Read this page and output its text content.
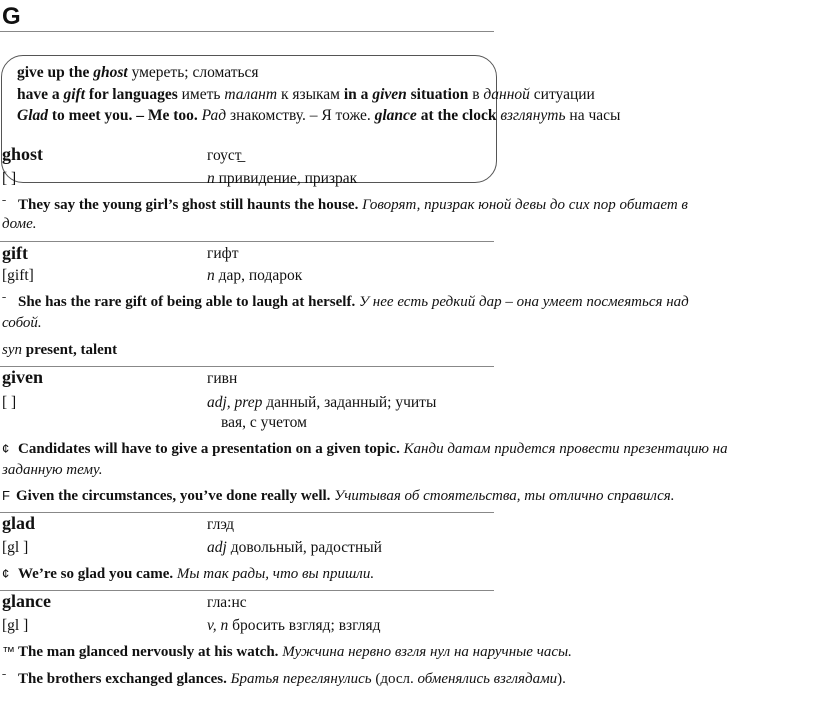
G
give up the ghost умереть; сломаться
have a gift for languages иметь талант к языкам in a given situation в данной ситуации
Glad to meet you. – Me too. Рад знакомству. – Я тоже. glance at the clock взглянуть на часы
ghost	гоуст
[ ]	n привидение, призрак
ˉ They say the young girl’s ghost still haunts the house. Говорят, призрак юной девы до сих пор обитает в
доме.
gift	гифт
[gift]	n дар, подарок
ˉ She has the rare gift of being able to laugh at herself. У нее есть редкий дар – она умеет посмеяться над
собой.
syn present, talent
given	гивн
[ ]	adj, prep данный, заданный; учиты
вая, с учетом
¢ Candidates will have to give a presentation on a given topic. Канди датам придется провести презентацию на
заданную тему.
F Given the circumstances, you’ve done really well. Учитывая об стоятельства, ты отлично справился.
glad	глэд
[gl ]	adj довольный, радостный
¢ We’re so glad you came. Мы так рады, что вы пришли.
glance	гла:нс
[gl ]	v, n бросить взгляд; взгляд
™ The man glanced nervously at his watch. Мужчина нервно взгля нул на наручные часы.
ˉ The brothers exchanged glances. Братья переглянулись (досл. обменялись взглядами).
